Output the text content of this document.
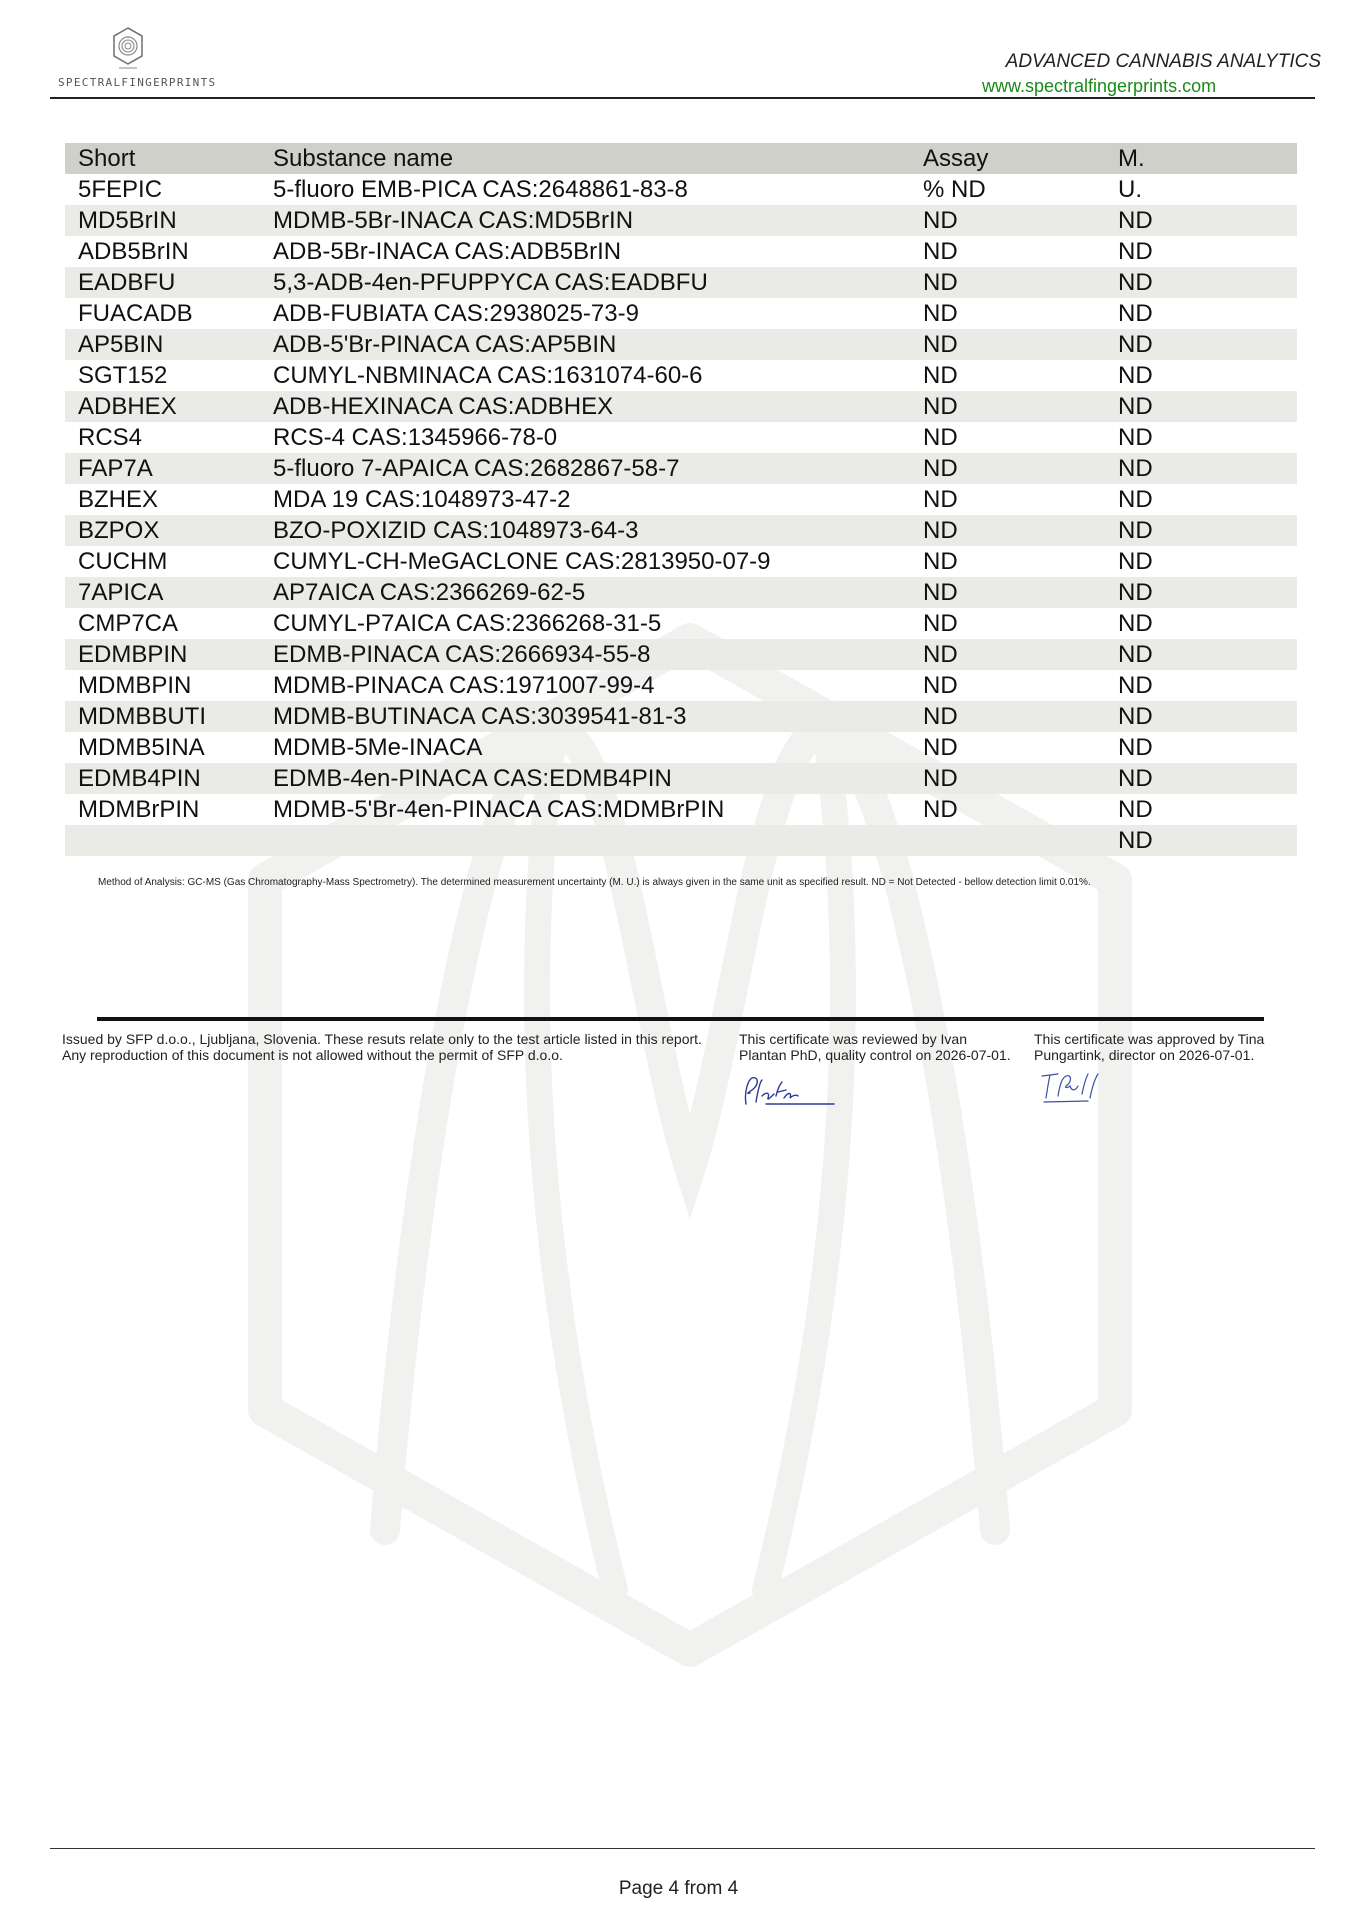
SPECTRALFINGERPRINTS
ADVANCED CANNABIS ANALYTICS
www.spectralfingerprints.com
Short	Substance name	Assay	M.
5FEPIC	5-fluoro EMB-PICA CAS:2648861-83-8	% ND	U.
MD5BrIN	MDMB-5Br-INACA CAS:MD5BrIN	ND	ND
ADB5BrIN	ADB-5Br-INACA CAS:ADB5BrIN	ND	ND
EADBFU	5,3-ADB-4en-PFUPPYCA CAS:EADBFU	ND	ND
FUACADB	ADB-FUBIATA CAS:2938025-73-9	ND	ND
AP5BIN	ADB-5'Br-PINACA CAS:AP5BIN	ND	ND
SGT152	CUMYL-NBMINACA CAS:1631074-60-6	ND	ND
ADBHEX	ADB-HEXINACA CAS:ADBHEX	ND	ND
RCS4	RCS-4 CAS:1345966-78-0	ND	ND
FAP7A	5-fluoro 7-APAICA CAS:2682867-58-7	ND	ND
BZHEX	MDA 19 CAS:1048973-47-2	ND	ND
BZPOX	BZO-POXIZID CAS:1048973-64-3	ND	ND
CUCHM	CUMYL-CH-MeGACLONE CAS:2813950-07-9	ND	ND
7APICA	AP7AICA CAS:2366269-62-5	ND	ND
CMP7CA	CUMYL-P7AICA CAS:2366268-31-5	ND	ND
EDMBPIN	EDMB-PINACA CAS:2666934-55-8	ND	ND
MDMBPIN	MDMB-PINACA CAS:1971007-99-4	ND	ND
MDMBBUTI	MDMB-BUTINACA CAS:3039541-81-3	ND	ND
MDMB5INA	MDMB-5Me-INACA	ND	ND
EDMB4PIN	EDMB-4en-PINACA CAS:EDMB4PIN	ND	ND
MDMBrPIN	MDMB-5'Br-4en-PINACA CAS:MDMBrPIN	ND	ND
			ND
Method of Analysis: GC-MS (Gas Chromatography-Mass Spectrometry). The determined measurement uncertainty (M. U.) is always given in the same unit as specified result. ND = Not Detected - bellow detection limit 0.01%.
Issued by SFP d.o.o., Ljubljana, Slovenia. These resuts relate only to the test article listed in this report.
Any reproduction of this document is not allowed without the permit of SFP d.o.o.
This certificate was reviewed by Ivan Plantan PhD, quality control on 2026-07-01.
This certificate was approved by Tina Pungartink, director on 2026-07-01.
Page 4 from 4
